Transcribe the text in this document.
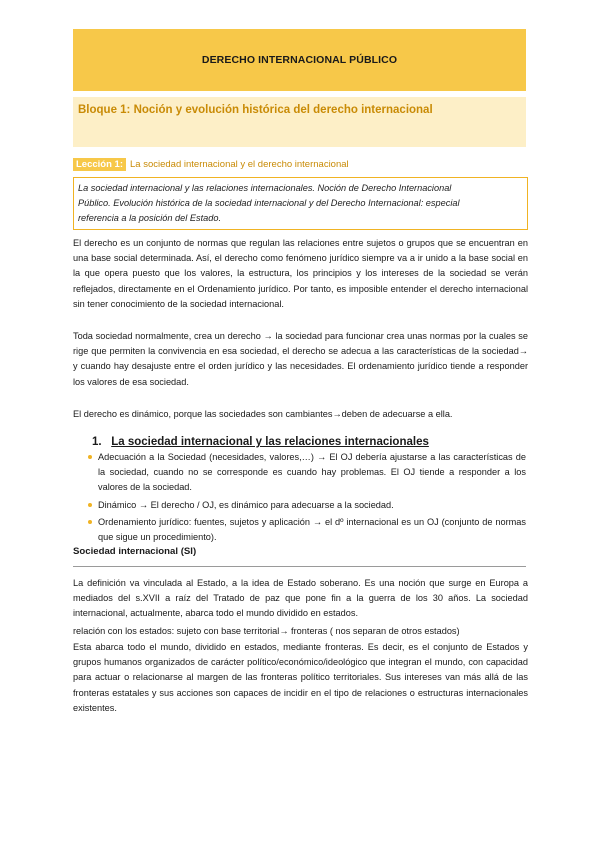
DERECHO INTERNACIONAL PÚBLICO
Bloque 1: Noción y evolución histórica del derecho internacional
Lección 1: La sociedad internacional y el derecho internacional
La sociedad internacional y las relaciones internacionales. Noción de Derecho Internacional
Público. Evolución histórica de la sociedad internacional y del Derecho Internacional: especial
referencia a la posición del Estado.

El derecho es un conjunto de normas que regulan las relaciones entre sujetos o grupos que se encuentran en una base social determinada. Así, el derecho como fenómeno jurídico siempre va a ir unido a la base social en la que opera puesto que los valores, la estructura, los principios y los intereses de la sociedad se verán reflejados, directamente en el Ordenamiento jurídico. Por tanto, es imposible entender el derecho internacional sin tener conocimiento de la sociedad internacional.

Toda sociedad normalmente, crea un derecho → la sociedad para funcionar crea unas normas por la cuales se rige que permiten la convivencia en esa sociedad, el derecho se adecua a las características de la sociedad→ y cuando hay desajuste entre el orden jurídico y las necesidades. El ordenamiento jurídico tiende a responder los valores de esa sociedad.

El derecho es dinámico, porque las sociedades son cambiantes→deben de adecuarse a ella.

1. La sociedad internacional y las relaciones internacionales
Adecuación a la Sociedad (necesidades, valores,…) → El OJ debería ajustarse a las características de la sociedad, cuando no se corresponde es cuando hay problemas. El OJ tiende a responder a los valores de la sociedad.
Dinámico → El derecho / OJ, es dinámico para adecuarse a la sociedad.
Ordenamiento jurídico: fuentes, sujetos y aplicación → el dº internacional es un OJ (conjunto de normas que sigue un procedimiento).
Sociedad internacional (SI)

La definición va vinculada al Estado, a la idea de Estado soberano. Es una noción que surge en Europa a mediados del s.XVII a raíz del Tratado de paz que pone fin a la guerra de los 30 años. La sociedad internacional, actualmente, abarca todo el mundo dividido en estados.

relación con los estados: sujeto con base territorial→ fronteras ( nos separan de otros estados)

Esta abarca todo el mundo, dividido en estados, mediante fronteras. Es decir, es el conjunto de Estados y grupos humanos organizados de carácter político/económico/ideológico que integran el mundo, con capacidad para actuar o relacionarse al margen de las fronteras político territoriales. Sus intereses van más allá de las fronteras estatales y sus acciones son capaces de incidir en el tipo de relaciones o estructuras internacionales existentes.
